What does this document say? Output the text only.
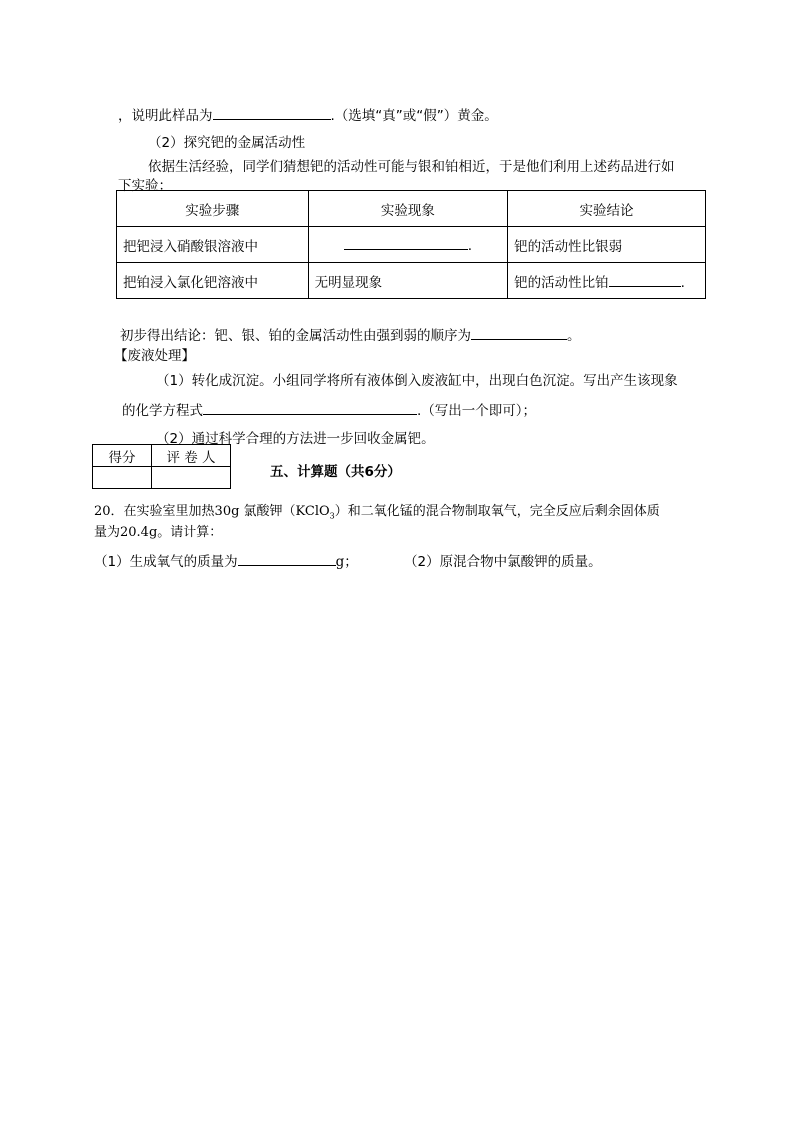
，说明此样品为	.（选填“真”或“假”）黄金。
（2）探究钯的金属活动性
依据生活经验，同学们猜想钯的活动性可能与银和铂相近，于是他们利用上述药品进行如
下实验：
实验步骤	实验现象	实验结论
把钯浸入硝酸银溶液中	.	钯的活动性比银弱
把铂浸入氯化钯溶液中	无明显现象	钯的活动性比铂 .
初步得出结论：钯、银、铂的金属活动性由强到弱的顺序为	。
【废液处理】
（1）转化成沉淀。小组同学将所有液体倒入废液缸中，出现白色沉淀。写出产生该现象
的化学方程式	.（写出一个即可）；
（2）通过科学合理的方法进一步回收金属钯。
得分	评 卷 人

五、计算题（共6分）
20．在实验室里加热30g 氯酸钾（KClO$_3$）和二氧化锰的混合物制取氧气，完全反应后剩余固体质
量为20.4g。请计算：
（1）生成氧气的质量为	g；	（2）原混合物中氯酸钾的质量。
